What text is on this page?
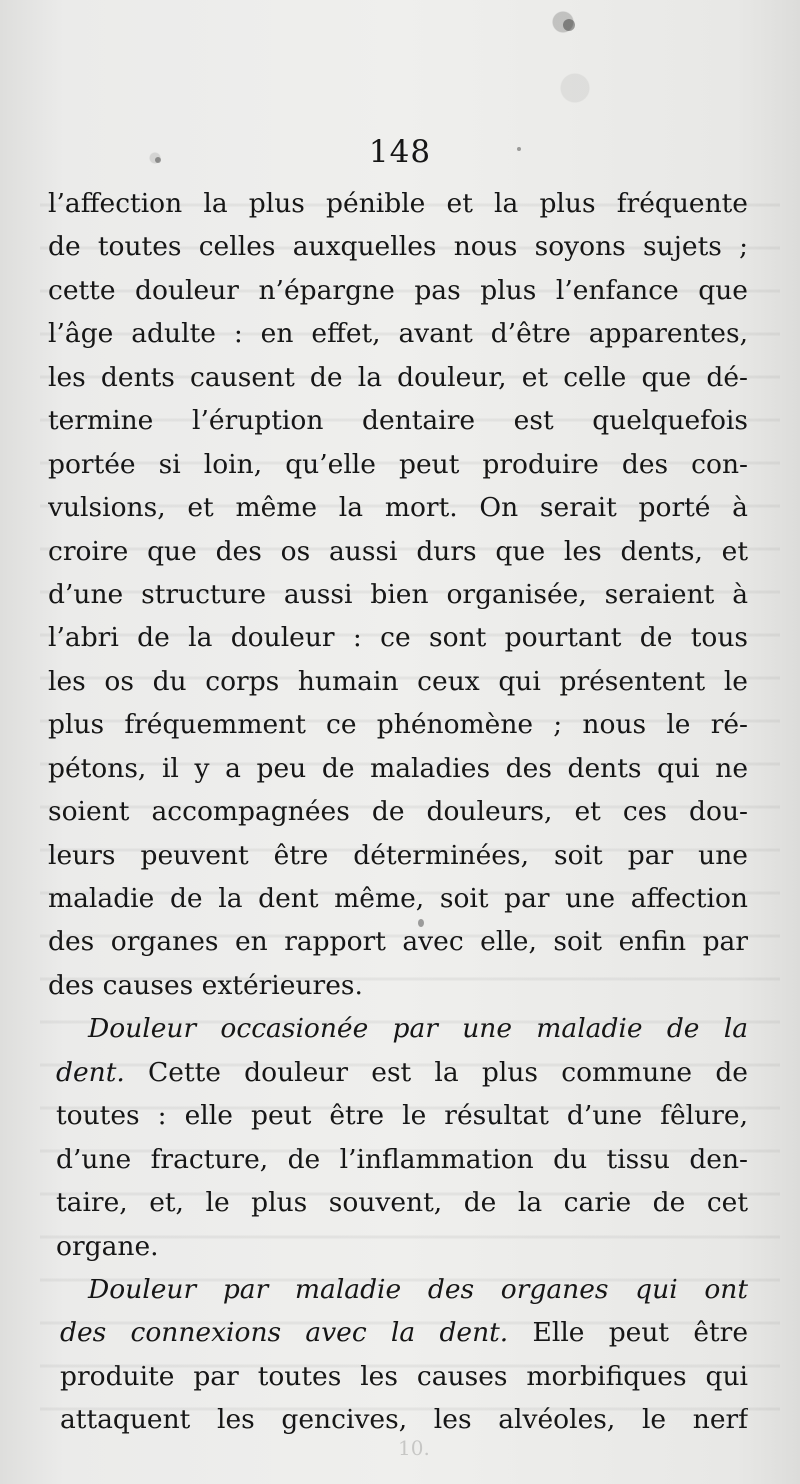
148
l’affection la plus pénible et la plus fréquente
de toutes celles auxquelles nous soyons sujets ;
cette douleur n’épargne pas plus l’enfance que
l’âge adulte : en effet, avant d’être apparentes,
les dents causent de la douleur, et celle que dé-
termine l’éruption dentaire est quelquefois
portée si loin, qu’elle peut produire des con-
vulsions, et même la mort. On serait porté à
croire que des os aussi durs que les dents, et
d’une structure aussi bien organisée, seraient à
l’abri de la douleur : ce sont pourtant de tous
les os du corps humain ceux qui présentent le
plus fréquemment ce phénomène ; nous le ré-
pétons, il y a peu de maladies des dents qui ne
soient accompagnées de douleurs, et ces dou-
leurs peuvent être déterminées, soit par une
maladie de la dent même, soit par une affection
des organes en rapport avec elle, soit enfin par
des causes extérieures.
Douleur occasionée par une maladie de la
dent. Cette douleur est la plus commune de
toutes : elle peut être le résultat d’une fêlure,
d’une fracture, de l’inflammation du tissu den-
taire, et, le plus souvent, de la carie de cet
organe.
Douleur par maladie des organes qui ont
des connexions avec la dent. Elle peut être
produite par toutes les causes morbifiques qui
attaquent les gencives, les alvéoles, le nerf
10.
